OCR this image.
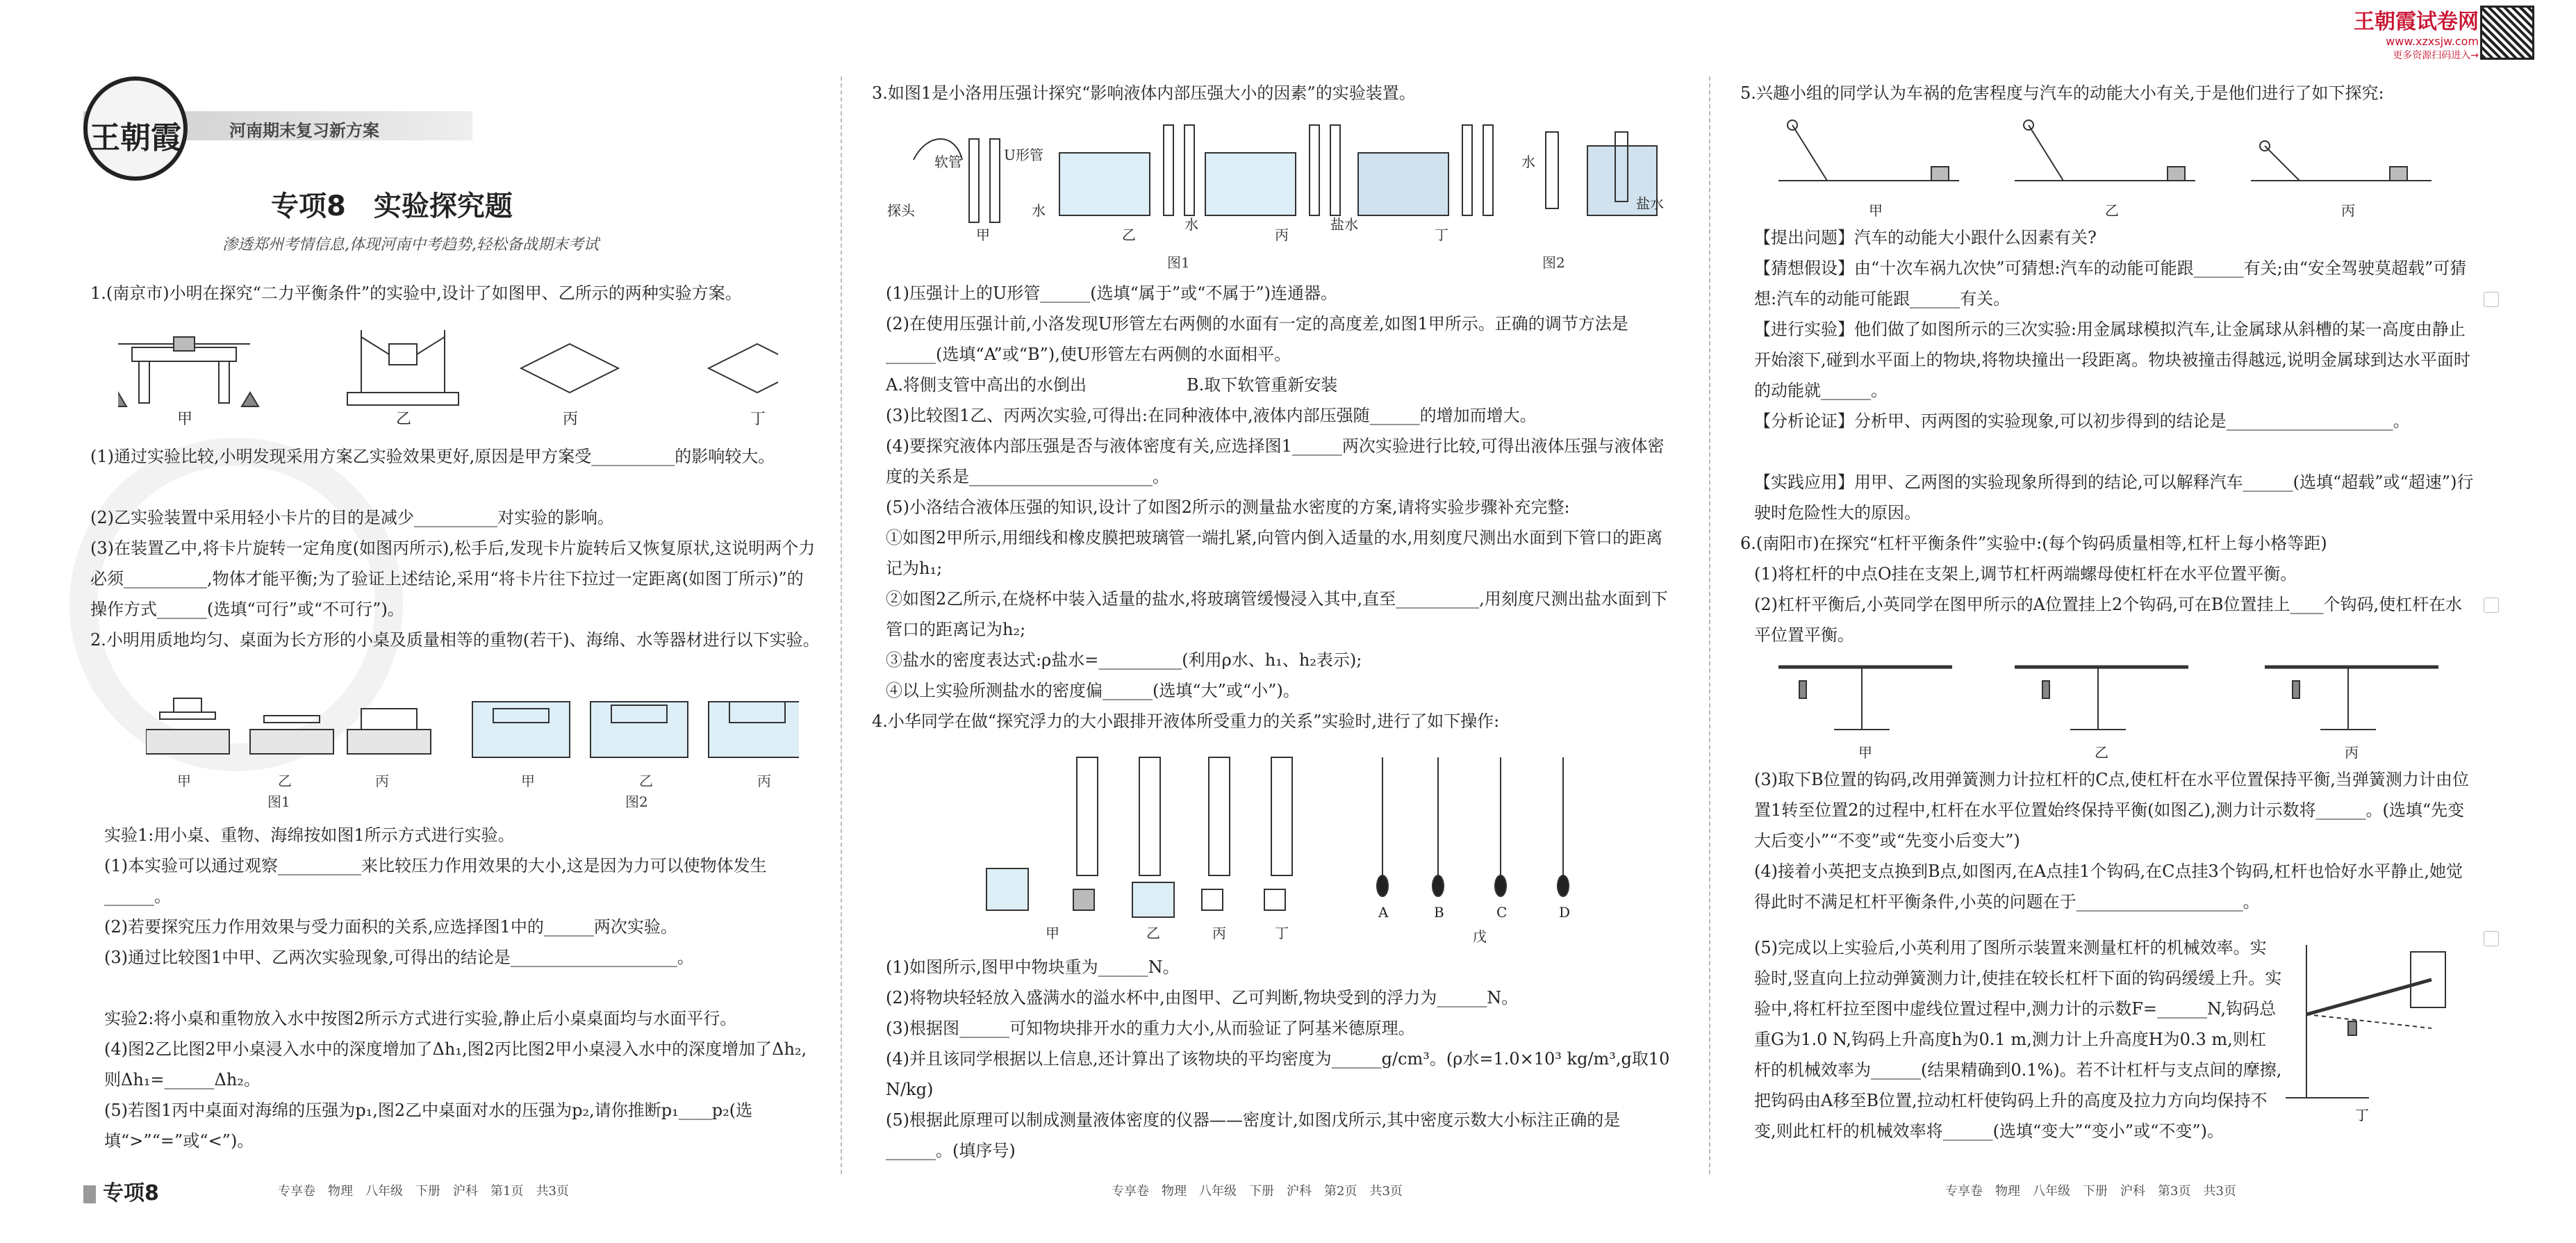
王朝霞试卷网
www.xzxsjw.com
更多资源扫码进入→
河南期末复习新方案
王朝霞
专项8　实验探究题
渗透郑州考情信息,体现河南中考趋势,轻松备战期末考试

1.(南京市)小明在探究“二力平衡条件”的实验中,设计了如图甲、乙所示的两种实验方案。

甲	乙	丙	丁

(1)通过实验比较,小明发现采用方案乙实验效果更好,原因是甲方案受__________的影响较大。

(2)乙实验装置中采用轻小卡片的目的是减少__________对实验的影响。

(3)在装置乙中,将卡片旋转一定角度(如图丙所示),松手后,发现卡片旋转后又恢复原状,这说明两个力必须__________,物体才能平衡;为了验证上述结论,采用“将卡片往下拉过一定距离(如图丁所示)”的操作方式______(选填“可行”或“不可行”)。

2.小明用质地均匀、桌面为长方形的小桌及质量相等的重物(若干)、海绵、水等器材进行以下实验。

甲	乙	丙	甲	乙	丙
图1	图2

实验1:用小桌、重物、海绵按如图1所示方式进行实验。

(1)本实验可以通过观察__________来比较压力作用效果的大小,这是因为力可以使物体发生______。

(2)若要探究压力作用效果与受力面积的关系,应选择图1中的______两次实验。

(3)通过比较图1中甲、乙两次实验现象,可得出的结论是____________________。

实验2:将小桌和重物放入水中按图2所示方式进行实验,静止后小桌桌面均与水面平行。

(4)图2乙比图2甲小桌浸入水中的深度增加了Δh₁,图2丙比图2甲小桌浸入水中的深度增加了Δh₂,则Δh₁=______Δh₂。

(5)若图1丙中桌面对海绵的压强为p₁,图2乙中桌面对水的压强为p₂,请你推断p₁____p₂(选填“>”“=”或“<”)。

专项8	专享卷　物理　八年级　下册　沪科　第1页　共3页

3.如图1是小洛用压强计探究“影响液体内部压强大小的因素”的实验装置。

探头
软管	U形管
甲	乙	丙	丁
水
水	盐水
水
盐水
图1	图2

(1)压强计上的U形管______(选填“属于”或“不属于”)连通器。

(2)在使用压强计前,小洛发现U形管左右两侧的水面有一定的高度差,如图1甲所示。正确的调节方法是______(选填“A”或“B”),使U形管左右两侧的水面相平。

A.将側支管中高出的水倒出　　　　　　B.取下软管重新安装

(3)比较图1乙、丙两次实验,可得出:在同种液体中,液体内部压强随______的增加而增大。

(4)要探究液体内部压强是否与液体密度有关,应选择图1______两次实验进行比较,可得出液体压强与液体密度的关系是______________________。

(5)小洛结合液体压强的知识,设计了如图2所示的测量盐水密度的方案,请将实验步骤补充完整:

①如图2甲所示,用细线和橡皮膜把玻璃管一端扎紧,向管内倒入适量的水,用刻度尺测出水面到下管口的距离记为h₁;

②如图2乙所示,在烧杯中装入适量的盐水,将玻璃管缓慢浸入其中,直至__________,用刻度尺测出盐水面到下管口的距离记为h₂;

③盐水的密度表达式:ρ盐水=__________(利用ρ水、h₁、h₂表示);

④以上实验所测盐水的密度偏______(选填“大”或“小”)。

4.小华同学在做“探究浮力的大小跟排开液体所受重力的关系”实验时,进行了如下操作:

甲	乙	丙	丁	戊
A	B	C	D

(1)如图所示,图甲中物块重为______N。

(2)将物块轻轻放入盛满水的溢水杯中,由图甲、乙可判断,物块受到的浮力为______N。

(3)根据图______可知物块排开水的重力大小,从而验证了阿基米德原理。

(4)并且该同学根据以上信息,还计算出了该物块的平均密度为______g/cm³。(ρ水=1.0×10³ kg/m³,g取10 N/kg)

(5)根据此原理可以制成测量液体密度的仪器——密度计,如图戊所示,其中密度示数大小标注正确的是______。(填序号)

专享卷　物理　八年级　下册　沪科　第2页　共3页

5.兴趣小组的同学认为车祸的危害程度与汽车的动能大小有关,于是他们进行了如下探究:

甲	乙	丙

【提出问题】汽车的动能大小跟什么因素有关?

【猜想假设】由“十次车祸九次快”可猜想:汽车的动能可能跟______有关;由“安全驾驶莫超载”可猜想:汽车的动能可能跟______有关。

【进行实验】他们做了如图所示的三次实验:用金属球模拟汽车,让金属球从斜槽的某一高度由静止开始滚下,碰到水平面上的物块,将物块撞出一段距离。物块被撞击得越远,说明金属球到达水平面时的动能就______。

【分析论证】分析甲、丙两图的实验现象,可以初步得到的结论是____________________。

【实践应用】用甲、乙两图的实验现象所得到的结论,可以解释汽车______(选填“超载”或“超速”)行驶时危险性大的原因。

6.(南阳市)在探究“杠杆平衡条件”实验中:(每个钩码质量相等,杠杆上每小格等距)

(1)将杠杆的中点O挂在支架上,调节杠杆两端螺母使杠杆在水平位置平衡。

(2)杠杆平衡后,小英同学在图甲所示的A位置挂上2个钩码,可在B位置挂上____个钩码,使杠杆在水平位置平衡。

甲	乙	丙

(3)取下B位置的钩码,改用弹簧测力计拉杠杆的C点,使杠杆在水平位置保持平衡,当弹簧测力计由位置1转至位置2的过程中,杠杆在水平位置始终保持平衡(如图乙),测力计示数将______。(选填“先变大后变小”“不变”或“先变小后变大”)

(4)接着小英把支点换到B点,如图丙,在A点挂1个钩码,在C点挂3个钩码,杠杆也恰好水平静止,她觉得此时不满足杠杆平衡条件,小英的问题在于____________________。

(5)完成以上实验后,小英利用了图所示装置来测量杠杆的机械效率。实验时,竖直向上拉动弹簧测力计,使挂在较长杠杆下面的钩码缓缓上升。实验中,将杠杆拉至图中虚线位置过程中,测力计的示数F=______N,钩码总重G为1.0 N,钩码上升高度h为0.1 m,测力计上升高度H为0.3 m,则杠杆的机械效率为______(结果精确到0.1%)。若不计杠杆与支点间的摩擦,把钩码由A移至B位置,拉动杠杆使钩码上升的高度及拉力方向均保持不变,则此杠杆的机械效率将______(选填“变大”“变小”或“不变”)。

丁
专享卷　物理　八年级　下册　沪科　第3页　共3页
